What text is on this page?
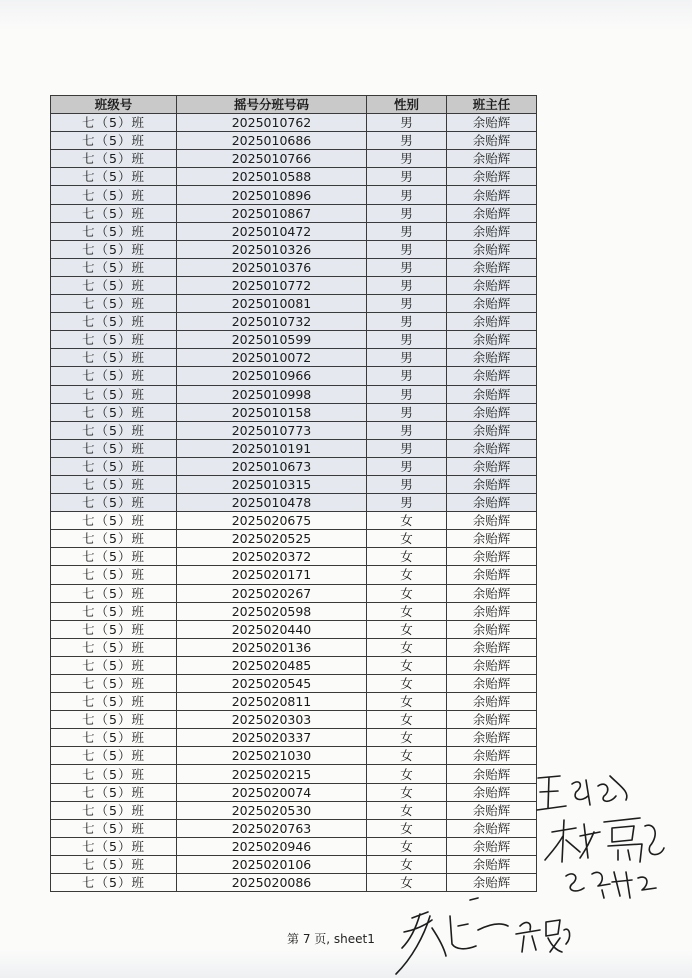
班级号	摇号分班号码	性别	班主任
七（5）班	2025010762	男	余贻辉
七（5）班	2025010686	男	余贻辉
七（5）班	2025010766	男	余贻辉
七（5）班	2025010588	男	余贻辉
七（5）班	2025010896	男	余贻辉
七（5）班	2025010867	男	余贻辉
七（5）班	2025010472	男	余贻辉
七（5）班	2025010326	男	余贻辉
七（5）班	2025010376	男	余贻辉
七（5）班	2025010772	男	余贻辉
七（5）班	2025010081	男	余贻辉
七（5）班	2025010732	男	余贻辉
七（5）班	2025010599	男	余贻辉
七（5）班	2025010072	男	余贻辉
七（5）班	2025010966	男	余贻辉
七（5）班	2025010998	男	余贻辉
七（5）班	2025010158	男	余贻辉
七（5）班	2025010773	男	余贻辉
七（5）班	2025010191	男	余贻辉
七（5）班	2025010673	男	余贻辉
七（5）班	2025010315	男	余贻辉
七（5）班	2025010478	男	余贻辉
七（5）班	2025020675	女	余贻辉
七（5）班	2025020525	女	余贻辉
七（5）班	2025020372	女	余贻辉
七（5）班	2025020171	女	余贻辉
七（5）班	2025020267	女	余贻辉
七（5）班	2025020598	女	余贻辉
七（5）班	2025020440	女	余贻辉
七（5）班	2025020136	女	余贻辉
七（5）班	2025020485	女	余贻辉
七（5）班	2025020545	女	余贻辉
七（5）班	2025020811	女	余贻辉
七（5）班	2025020303	女	余贻辉
七（5）班	2025020337	女	余贻辉
七（5）班	2025021030	女	余贻辉
七（5）班	2025020215	女	余贻辉
七（5）班	2025020074	女	余贻辉
七（5）班	2025020530	女	余贻辉
七（5）班	2025020763	女	余贻辉
七（5）班	2025020946	女	余贻辉
七（5）班	2025020106	女	余贻辉
七（5）班	2025020086	女	余贻辉
第 7 页, sheet1
